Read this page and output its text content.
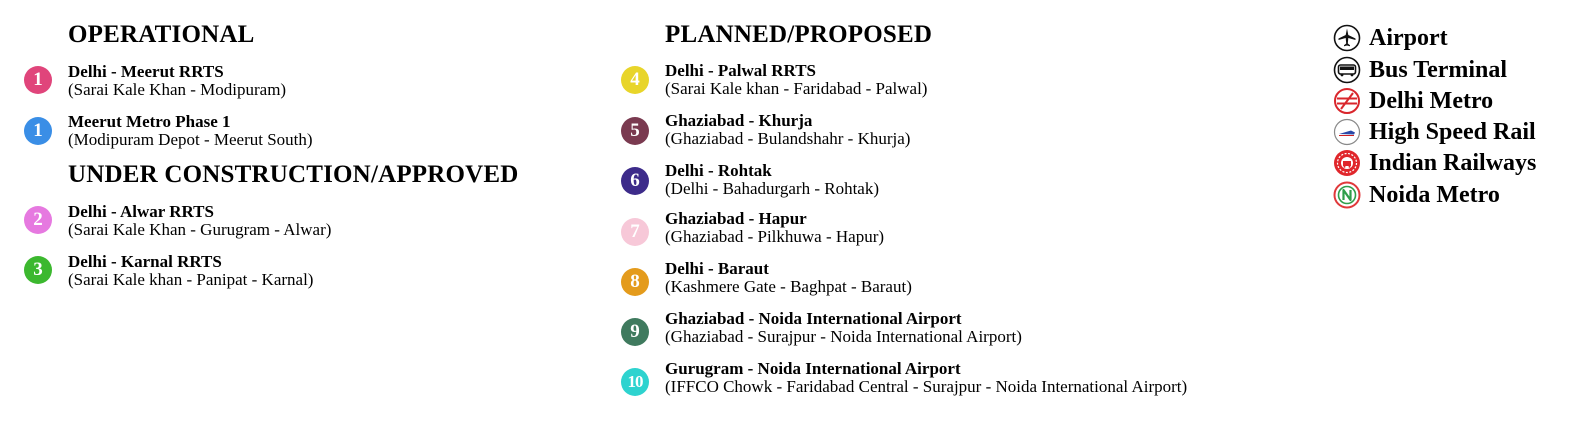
OPERATIONAL
UNDER CONSTRUCTION/APPROVED
PLANNED/PROPOSED
1	Delhi - Meerut RRTS
(Sarai Kale Khan - Modipuram)
1	Meerut Metro Phase 1
(Modipuram Depot - Meerut South)
2	Delhi - Alwar RRTS
(Sarai Kale Khan - Gurugram - Alwar)
3	Delhi - Karnal RRTS
(Sarai Kale khan - Panipat - Karnal)
4	Delhi - Palwal RRTS
(Sarai Kale khan - Faridabad - Palwal)
5	Ghaziabad - Khurja
(Ghaziabad - Bulandshahr - Khurja)
6	Delhi - Rohtak
(Delhi - Bahadurgarh - Rohtak)
7
Ghaziabad - Hapur
(Ghaziabad - Pilkhuwa - Hapur)
8
Delhi - Baraut
(Kashmere Gate - Baghpat - Baraut)
9
Ghaziabad - Noida International Airport
(Ghaziabad - Surajpur - Noida International Airport)
10
Gurugram - Noida International Airport
(IFFCO Chowk - Faridabad Central - Surajpur - Noida International Airport)
Airport
Bus Terminal
Delhi Metro
High Speed Rail
Indian Railways
Noida Metro
